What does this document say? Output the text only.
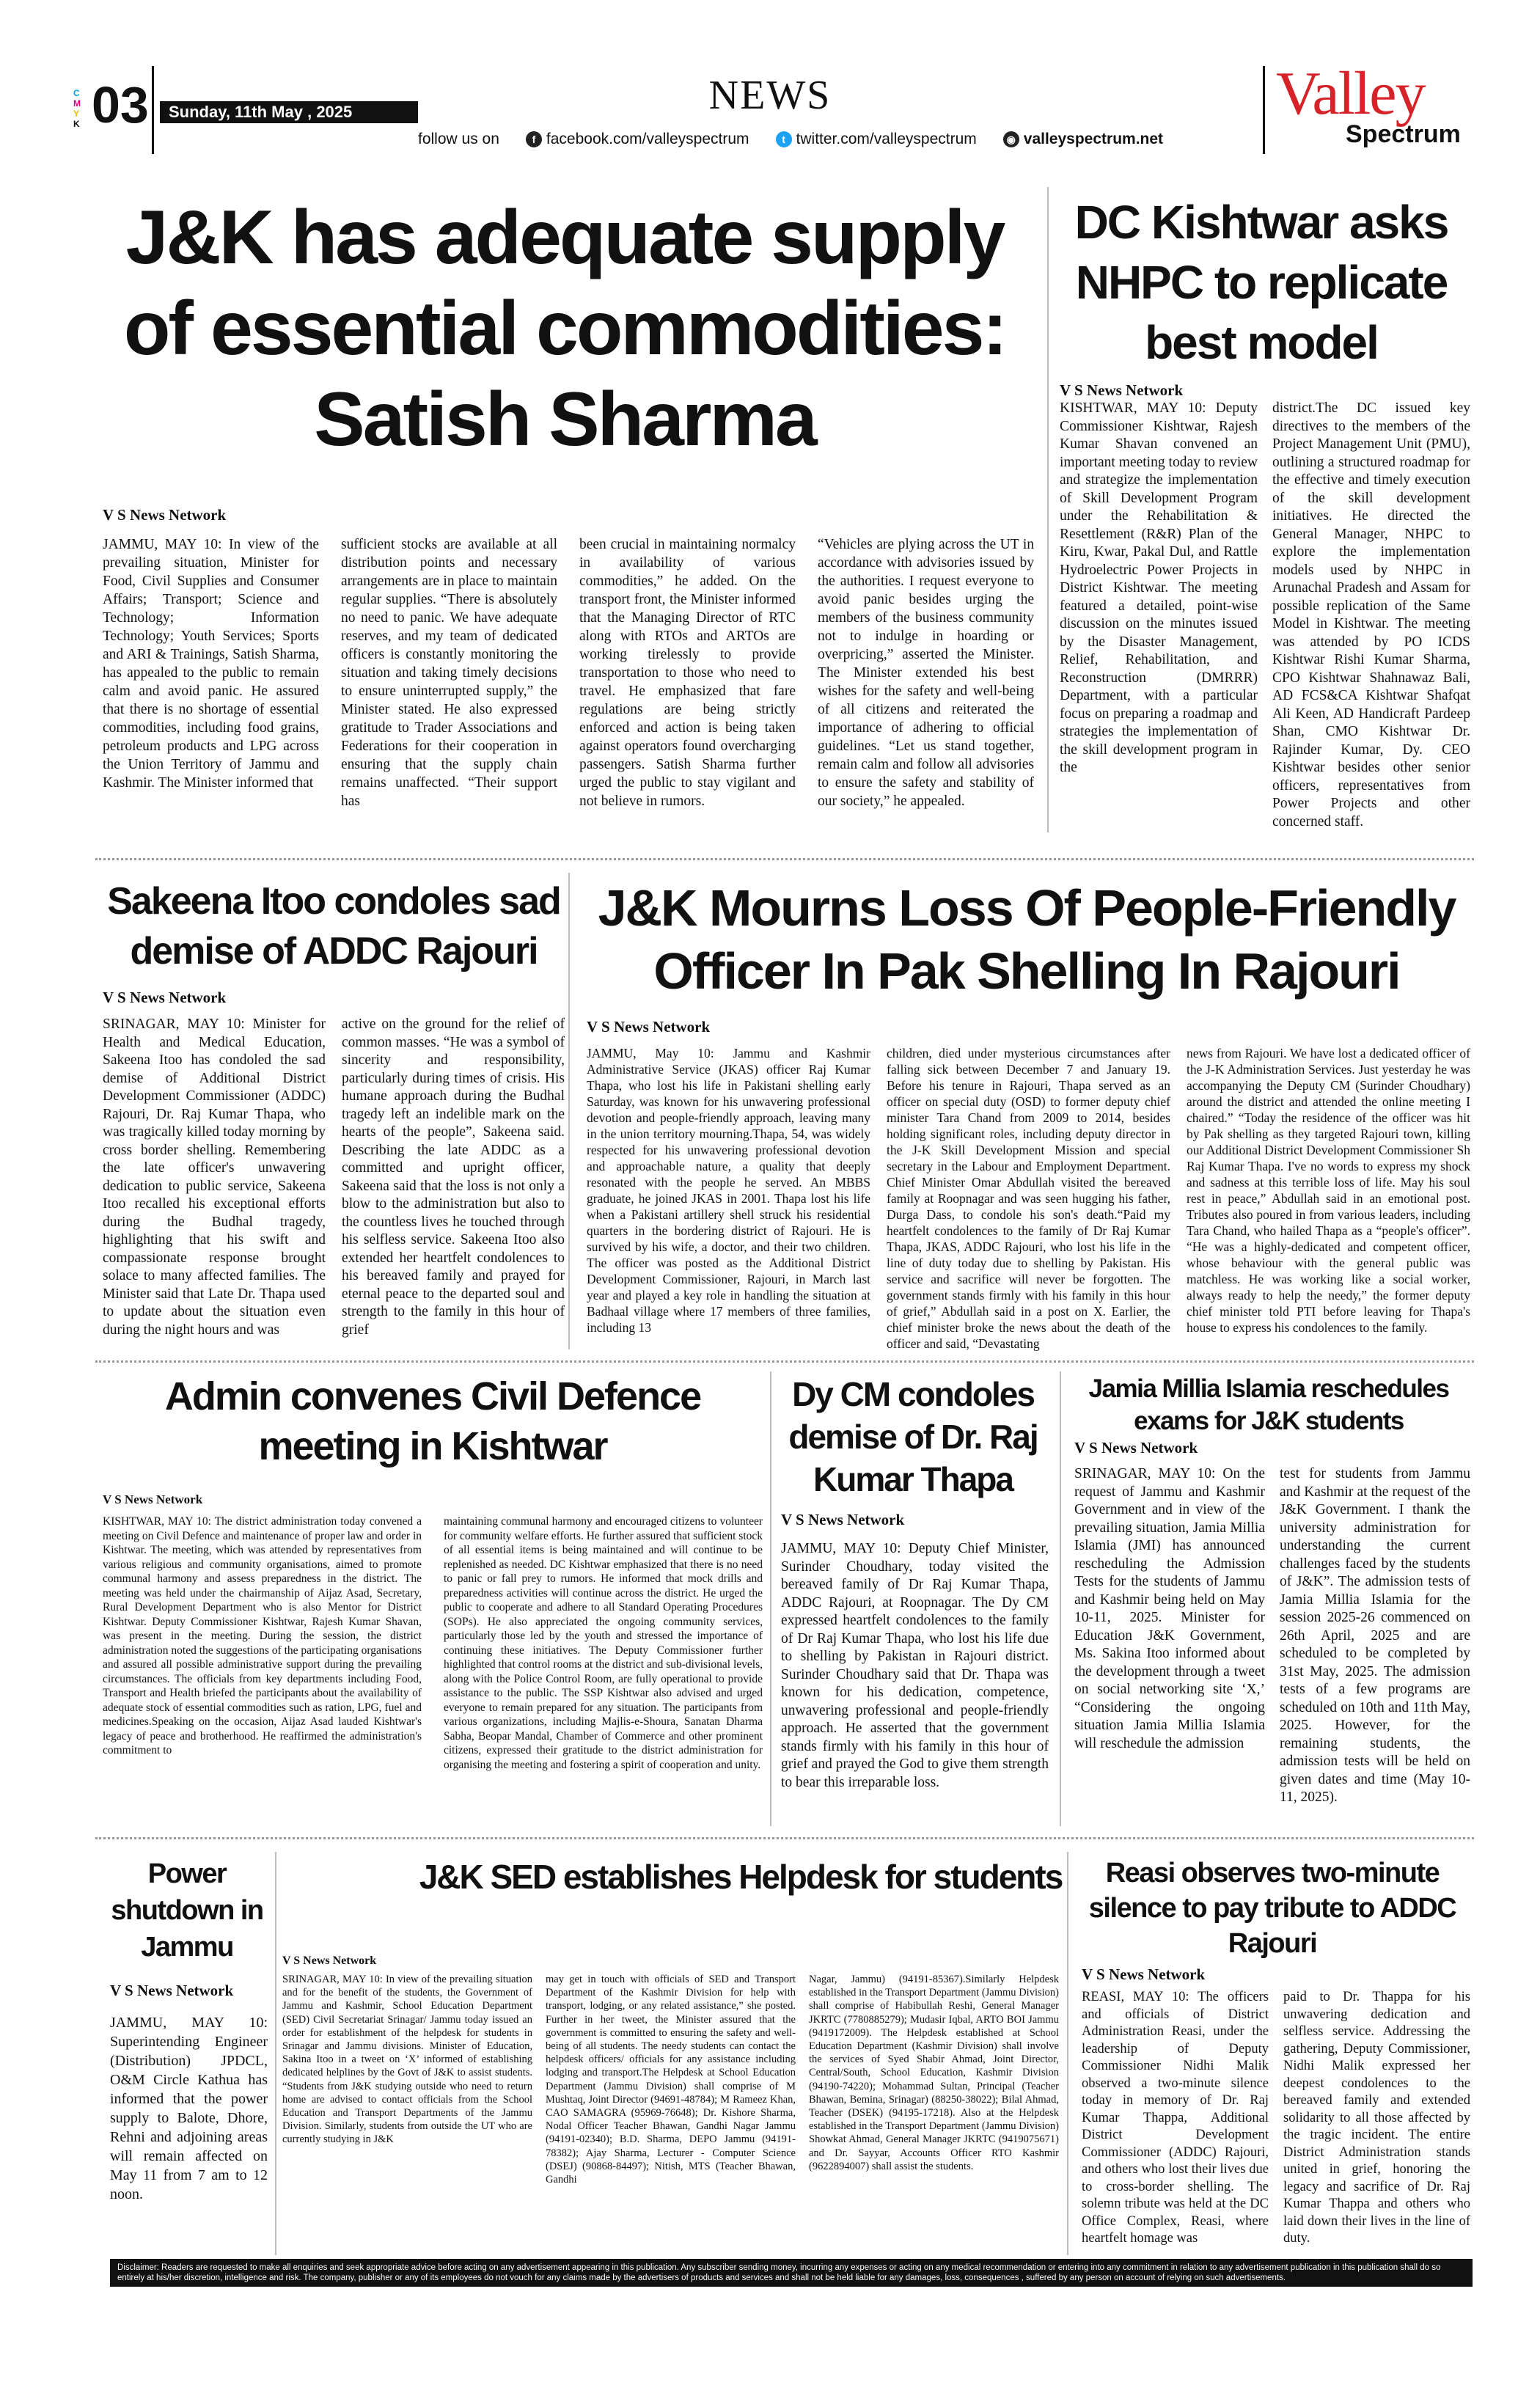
C
M
Y
K 03	Sunday, 11th May , 2025	NEWS
follow us on	f facebook.com/valleyspectrum	t twitter.com/valleyspectrum	◉ valleyspectrum.net
Valley
Spectrum
J&K has adequate supply of essential commodities: Satish Sharma
V S News Network
JAMMU, MAY 10: In view of the prevailing situation, Minister for Food, Civil Supplies and Consumer Affairs; Transport; Science and Technology; Information Technology; Youth Services; Sports and ARI & Trainings, Satish Sharma, has appealed to the public to remain calm and avoid panic. He assured that there is no shortage of essential commodities, including food grains, petroleum products and LPG across the Union Territory of Jammu and Kashmir. The Minister informed that
sufficient stocks are available at all distribution points and necessary arrangements are in place to maintain regular supplies. “There is absolutely no need to panic. We have adequate reserves, and my team of dedicated officers is constantly monitoring the situation and taking timely decisions to ensure uninterrupted supply,” the Minister stated. He also expressed gratitude to Trader Associations and Federations for their cooperation in ensuring that the supply chain remains unaffected. “Their support has
been crucial in maintaining normalcy in availability of various commodities,” he added. On the transport front, the Minister informed that the Managing Director of RTC along with RTOs and ARTOs are working tirelessly to provide transportation to those who need to travel. He emphasized that fare regulations are being strictly enforced and action is being taken against operators found overcharging passengers. Satish Sharma further urged the public to stay vigilant and not believe in rumors.
“Vehicles are plying across the UT in accordance with advisories issued by the authorities. I request everyone to avoid panic besides urging the members of the business community not to indulge in hoarding or overpricing,” asserted the Minister. The Minister extended his best wishes for the safety and well-being of all citizens and reiterated the importance of adhering to official guidelines. “Let us stand together, remain calm and follow all advisories to ensure the safety and stability of our society,” he appealed.
DC Kishtwar asks NHPC to replicate best model
V S News Network
KISHTWAR, MAY 10: Deputy Commissioner Kishtwar, Rajesh Kumar Shavan convened an important meeting today to review and strategize the implementation of Skill Development Program under the Rehabilitation & Resettlement (R&R) Plan of the Kiru, Kwar, Pakal Dul, and Rattle Hydroelectric Power Projects in District Kishtwar. The meeting featured a detailed, point-wise discussion on the minutes issued by the Disaster Management, Relief, Rehabilitation, and Reconstruction (DMRRR) Department, with a particular focus on preparing a roadmap and strategies the implementation of the skill development program in the
district.The DC issued key directives to the members of the Project Management Unit (PMU), outlining a structured roadmap for the effective and timely execution of the skill development initiatives. He directed the General Manager, NHPC to explore the implementation models used by NHPC in Arunachal Pradesh and Assam for possible replication of the Same Model in Kishtwar. The meeting was attended by PO ICDS Kishtwar Rishi Kumar Sharma, CPO Kishtwar Shahnawaz Bali, AD FCS&CA Kishtwar Shafqat Ali Keen, AD Handicraft Pardeep Shan, CMO Kishtwar Dr. Rajinder Kumar, Dy. CEO Kishtwar besides other senior officers, representatives from Power Projects and other concerned staff.
Sakeena Itoo condoles sad demise of ADDC Rajouri
V S News Network
SRINAGAR, MAY 10: Minister for Health and Medical Education, Sakeena Itoo has condoled the sad demise of Additional District Development Commissioner (ADDC) Rajouri, Dr. Raj Kumar Thapa, who was tragically killed today morning by cross border shelling. Remembering the late officer's unwavering dedication to public service, Sakeena Itoo recalled his exceptional efforts during the Budhal tragedy, highlighting that his swift and compassionate response brought solace to many affected families. The Minister said that Late Dr. Thapa used to update about the situation even during the night hours and was
active on the ground for the relief of common masses. “He was a symbol of sincerity and responsibility, particularly during times of crisis. His humane approach during the Budhal tragedy left an indelible mark on the hearts of the people”, Sakeena said. Describing the late ADDC as a committed and upright officer, Sakeena said that the loss is not only a blow to the administration but also to the countless lives he touched through his selfless service. Sakeena Itoo also extended her heartfelt condolences to his bereaved family and prayed for eternal peace to the departed soul and strength to the family in this hour of grief
J&K Mourns Loss Of People-Friendly Officer In Pak Shelling In Rajouri
V S News Network
JAMMU, May 10: Jammu and Kashmir Administrative Service (JKAS) officer Raj Kumar Thapa, who lost his life in Pakistani shelling early Saturday, was known for his unwavering professional devotion and people-friendly approach, leaving many in the union territory mourning.Thapa, 54, was widely respected for his unwavering professional devotion and approachable nature, a quality that deeply resonated with the people he served. An MBBS graduate, he joined JKAS in 2001. Thapa lost his life when a Pakistani artillery shell struck his residential quarters in the bordering district of Rajouri. He is survived by his wife, a doctor, and their two children. The officer was posted as the Additional District Development Commissioner, Rajouri, in March last year and played a key role in handling the situation at Badhaal village where 17 members of three families, including 13
children, died under mysterious circumstances after falling sick between December 7 and January 19. Before his tenure in Rajouri, Thapa served as an officer on special duty (OSD) to former deputy chief minister Tara Chand from 2009 to 2014, besides holding significant roles, including deputy director in the J-K Skill Development Mission and special secretary in the Labour and Employment Department. Chief Minister Omar Abdullah visited the bereaved family at Roopnagar and was seen hugging his father, Durga Dass, to condole his son's death.“Paid my heartfelt condolences to the family of Dr Raj Kumar Thapa, JKAS, ADDC Rajouri, who lost his life in the line of duty today due to shelling by Pakistan. His service and sacrifice will never be forgotten. The government stands firmly with his family in this hour of grief,” Abdullah said in a post on X. Earlier, the chief minister broke the news about the death of the officer and said, “Devastating
news from Rajouri. We have lost a dedicated officer of the J-K Administration Services. Just yesterday he was accompanying the Deputy CM (Surinder Choudhary) around the district and attended the online meeting I chaired.” “Today the residence of the officer was hit by Pak shelling as they targeted Rajouri town, killing our Additional District Development Commissioner Sh Raj Kumar Thapa. I've no words to express my shock and sadness at this terrible loss of life. May his soul rest in peace,” Abdullah said in an emotional post. Tributes also poured in from various leaders, including Tara Chand, who hailed Thapa as a “people's officer”. “He was a highly-dedicated and competent officer, whose behaviour with the general public was matchless. He was working like a social worker, always ready to help the needy,” the former deputy chief minister told PTI before leaving for Thapa's house to express his condolences to the family.
Admin convenes Civil Defence meeting in Kishtwar
V S News Network
KISHTWAR, MAY 10: The district administration today convened a meeting on Civil Defence and maintenance of proper law and order in Kishtwar. The meeting, which was attended by representatives from various religious and community organisations, aimed to promote communal harmony and assess preparedness in the district. The meeting was held under the chairmanship of Aijaz Asad, Secretary, Rural Development Department who is also Mentor for District Kishtwar. Deputy Commissioner Kishtwar, Rajesh Kumar Shavan, was present in the meeting. During the session, the district administration noted the suggestions of the participating organisations and assured all possible administrative support during the prevailing circumstances. The officials from key departments including Food, Transport and Health briefed the participants about the availability of adequate stock of essential commodities such as ration, LPG, fuel and medicines.Speaking on the occasion, Aijaz Asad lauded Kishtwar's legacy of peace and brotherhood. He reaffirmed the administration's commitment to
maintaining communal harmony and encouraged citizens to volunteer for community welfare efforts. He further assured that sufficient stock of all essential items is being maintained and will continue to be replenished as needed. DC Kishtwar emphasized that there is no need to panic or fall prey to rumors. He informed that mock drills and preparedness activities will continue across the district. He urged the public to cooperate and adhere to all Standard Operating Procedures (SOPs). He also appreciated the ongoing community services, particularly those led by the youth and stressed the importance of continuing these initiatives. The Deputy Commissioner further highlighted that control rooms at the district and sub-divisional levels, along with the Police Control Room, are fully operational to provide assistance to the public. The SSP Kishtwar also advised and urged everyone to remain prepared for any situation. The participants from various organizations, including Majlis-e-Shoura, Sanatan Dharma Sabha, Beopar Mandal, Chamber of Commerce and other prominent citizens, expressed their gratitude to the district administration for organising the meeting and fostering a spirit of cooperation and unity.
Dy CM condoles demise of Dr. Raj Kumar Thapa
V S News Network
JAMMU, MAY 10: Deputy Chief Minister, Surinder Choudhary, today visited the bereaved family of Dr Raj Kumar Thapa, ADDC Rajouri, at Roopnagar. The Dy CM expressed heartfelt condolences to the family of Dr Raj Kumar Thapa, who lost his life due to shelling by Pakistan in Rajouri district. Surinder Choudhary said that Dr. Thapa was known for his dedication, competence, unwavering professional and people-friendly approach. He asserted that the government stands firmly with his family in this hour of grief and prayed the God to give them strength to bear this irreparable loss.
Jamia Millia Islamia reschedules exams for J&K students
V S News Network
SRINAGAR, MAY 10: On the request of Jammu and Kashmir Government and in view of the prevailing situation, Jamia Millia Islamia (JMI) has announced rescheduling the Admission Tests for the students of Jammu and Kashmir being held on May 10-11, 2025. Minister for Education J&K Government, Ms. Sakina Itoo informed about the development through a tweet on social networking site ‘X,’ “Considering the ongoing situation Jamia Millia Islamia will reschedule the admission
test for students from Jammu and Kashmir at the request of the J&K Government. I thank the university administration for understanding the current challenges faced by the students of J&K”. The admission tests of Jamia Millia Islamia for the session 2025-26 commenced on 26th April, 2025 and are scheduled to be completed by 31st May, 2025. The admission tests of a few programs are scheduled on 10th and 11th May, 2025. However, for the remaining students, the admission tests will be held on given dates and time (May 10-11, 2025).
Power shutdown in Jammu
V S News Network
JAMMU, MAY 10: Superintending Engineer (Distribution) JPDCL, O&M Circle Kathua has informed that the power supply to Balote, Dhore, Rehni and adjoining areas will remain affected on May 11 from 7 am to 12 noon.
J&K SED establishes Helpdesk for students
V S News Network
SRINAGAR, MAY 10: In view of the prevailing situation and for the benefit of the students, the Government of Jammu and Kashmir, School Education Department (SED) Civil Secretariat Srinagar/ Jammu today issued an order for establishment of the helpdesk for students in Srinagar and Jammu divisions. Minister of Education, Sakina Itoo in a tweet on ‘X’ informed of establishing dedicated helplines by the Govt of J&K to assist students. “Students from J&K studying outside who need to return home are advised to contact officials from the School Education and Transport Departments of the Jammu Division. Similarly, students from outside the UT who are currently studying in J&K
may get in touch with officials of SED and Transport Department of the Kashmir Division for help with transport, lodging, or any related assistance,” she posted. Further in her tweet, the Minister assured that the government is committed to ensuring the safety and well-being of all students. The needy students can contact the helpdesk officers/ officials for any assistance including lodging and transport.The Helpdesk at School Education Department (Jammu Division) shall comprise of M Mushtaq, Joint Director (94691-48784); M Rameez Khan, CAO SAMAGRA (95969-76648); Dr. Kishore Sharma, Nodal Officer Teacher Bhawan, Gandhi Nagar Jammu (94191-02340); B.D. Sharma, DEPO Jammu (94191-78382); Ajay Sharma, Lecturer - Computer Science (DSEJ) (90868-84497); Nitish, MTS (Teacher Bhawan, Gandhi
Nagar, Jammu) (94191-85367).Similarly Helpdesk established in the Transport Department (Jammu Division) shall comprise of Habibullah Reshi, General Manager JKRTC (7780885279); Mudasir Iqbal, ARTO BOI Jammu (9419172009). The Helpdesk established at School Education Department (Kashmir Division) shall involve the services of Syed Shabir Ahmad, Joint Director, Central/South, School Education, Kashmir Division (94190-74220); Mohammad Sultan, Principal (Teacher Bhawan, Bemina, Srinagar) (88250-38022); Bilal Ahmad, Teacher (DSEK) (94195-17218). Also at the Helpdesk established in the Transport Department (Jammu Division) Showkat Ahmad, General Manager JKRTC (9419075671) and Dr. Sayyar, Accounts Officer RTO Kashmir (9622894007) shall assist the students.
Reasi observes two-minute silence to pay tribute to ADDC Rajouri
V S News Network
REASI, MAY 10: The officers and officials of District Administration Reasi, under the leadership of Deputy Commissioner Nidhi Malik observed a two-minute silence today in memory of Dr. Raj Kumar Thappa, Additional District Development Commissioner (ADDC) Rajouri, and others who lost their lives due to cross-border shelling. The solemn tribute was held at the DC Office Complex, Reasi, where heartfelt homage was
paid to Dr. Thappa for his unwavering dedication and selfless service. Addressing the gathering, Deputy Commissioner, Nidhi Malik expressed her deepest condolences to the bereaved family and extended solidarity to all those affected by the tragic incident. The entire District Administration stands united in grief, honoring the legacy and sacrifice of Dr. Raj Kumar Thappa and others who laid down their lives in the line of duty.
Disclaimer: Readers are requested to make all enquiries and seek appropriate advice before acting on any advertisement appearing in this publication. Any subscriber sending money, incurring any expenses or acting on any medical recommendation or entering into any commitment in relation to any advertisement publication in this publication shall do so entirely at his/her discretion, intelligence and risk. The company, publisher or any of its employees do not vouch for any claims made by the advertisers of products and services and shall not be held liable for any damages, loss, consequences , suffered by any person on account of relying on such advertisements.
